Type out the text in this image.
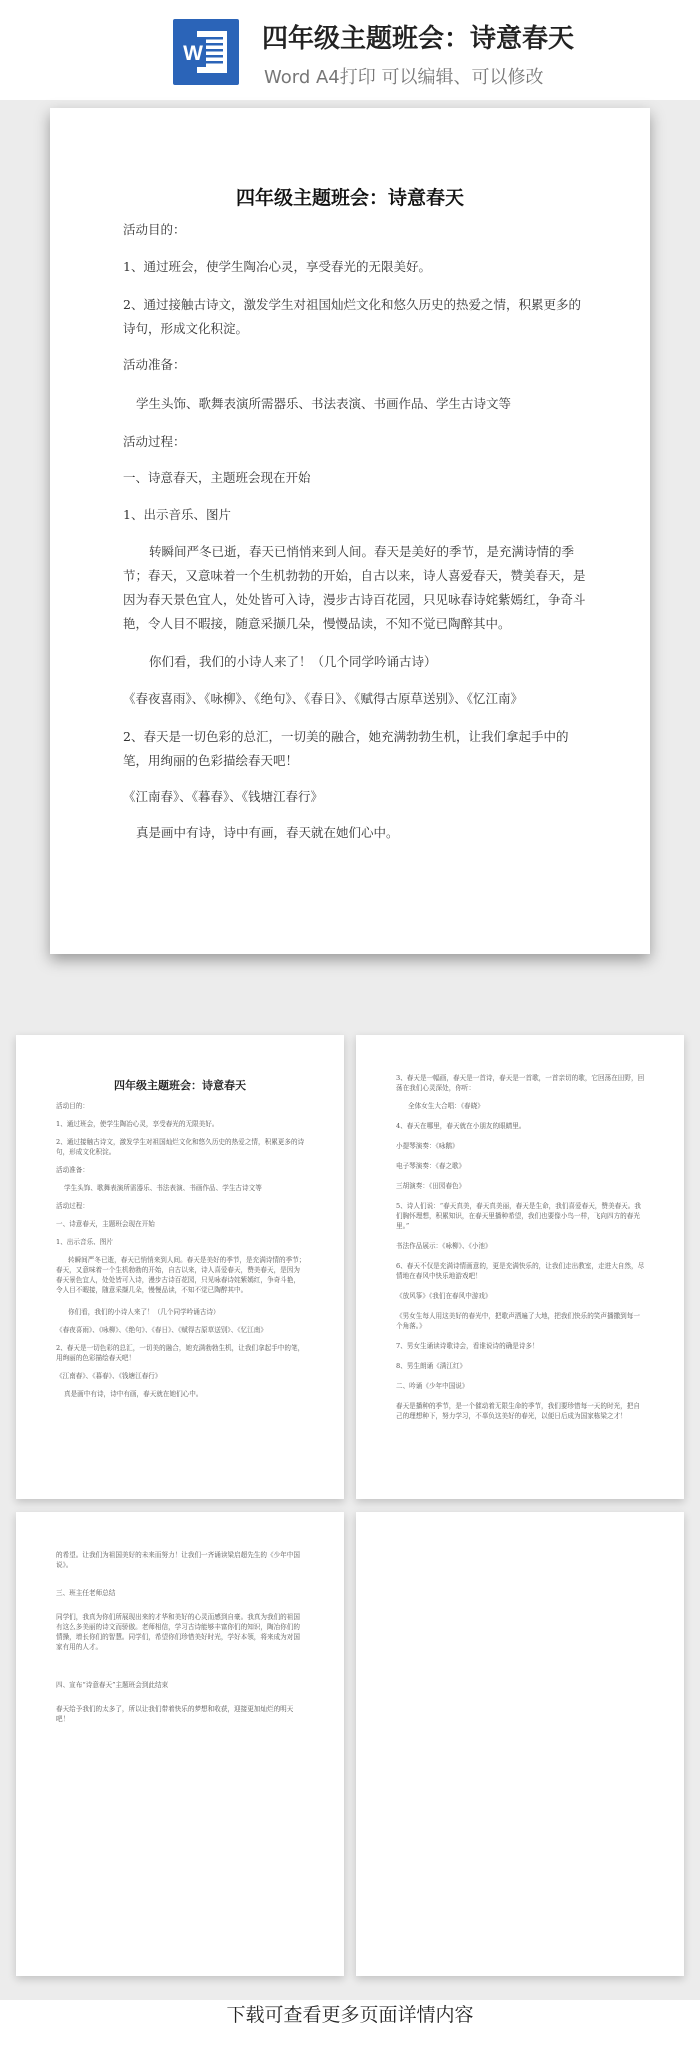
W 四年级主题班会：诗意春天
Word A4打印 可以编辑、可以修改
四年级主题班会：诗意春天
活动目的：
1、通过班会，使学生陶冶心灵，享受春光的无限美好。
2、通过接触古诗文，激发学生对祖国灿烂文化和悠久历史的热爱之情，积累更多的诗句，形成文化积淀。
活动准备：
学生头饰、歌舞表演所需器乐、书法表演、书画作品、学生古诗文等
活动过程：
一、诗意春天，主题班会现在开始
1、出示音乐、图片
转瞬间严冬已逝，春天已悄悄来到人间。春天是美好的季节，是充满诗情的季节；春天，又意味着一个生机勃勃的开始，自古以来，诗人喜爱春天，赞美春天，是因为春天景色宜人，处处皆可入诗，漫步古诗百花园，只见咏春诗姹紫嫣红，争奇斗艳，令人目不暇接，随意采撷几朵，慢慢品读，不知不觉已陶醉其中。
你们看，我们的小诗人来了！（几个同学吟诵古诗）
《春夜喜雨》、《咏柳》、《绝句》、《春日》、《赋得古原草送别》、《忆江南》
2、春天是一切色彩的总汇，一切美的融合，她充满勃勃生机，让我们拿起手中的笔，用绚丽的色彩描绘春天吧！
《江南春》、《暮春》、《钱塘江春行》
真是画中有诗，诗中有画，春天就在她们心中。
四年级主题班会：诗意春天
活动目的：
1、通过班会，使学生陶冶心灵，享受春光的无限美好。
2、通过接触古诗文，激发学生对祖国灿烂文化和悠久历史的热爱之情，积累更多的诗句，形成文化积淀。
活动准备：
学生头饰、歌舞表演所需器乐、书法表演、书画作品、学生古诗文等
活动过程：
一、诗意春天，主题班会现在开始
1、出示音乐、图片
转瞬间严冬已逝，春天已悄悄来到人间。春天是美好的季节，是充满诗情的季节；春天，又意味着一个生机勃勃的开始，自古以来，诗人喜爱春天，赞美春天，是因为春天景色宜人，处处皆可入诗，漫步古诗百花园，只见咏春诗姹紫嫣红，争奇斗艳，令人目不暇接，随意采撷几朵，慢慢品读，不知不觉已陶醉其中。
你们看，我们的小诗人来了！（几个同学吟诵古诗）
《春夜喜雨》、《咏柳》、《绝句》、《春日》、《赋得古原草送别》、《忆江南》
2、春天是一切色彩的总汇，一切美的融合，她充满勃勃生机，让我们拿起手中的笔，用绚丽的色彩描绘春天吧！
《江南春》、《暮春》、《钱塘江春行》
真是画中有诗，诗中有画，春天就在她们心中。
3、春天是一幅画，春天是一首诗，春天是一首歌，一首亲切的歌，它回荡在田野，回荡在我们心灵深处，你听：
全体女生大合唱：《春晓》
4、春天在哪里，春天就在小朋友的眼睛里。
小提琴演奏：《咏鹅》
电子琴演奏：《春之歌》
三胡演奏：《田园春色》
5、诗人们说：“春天真美，春天真美丽，春天是生命，我们喜爱春天，赞美春天。我们胸怀理想，积累知识，在春天里播种希望，我们也要像小鸟一样，飞向四方的春光里。”
书法作品展示：《咏柳》、《小池》
6、春天不仅是充满诗情画意的，更是充满快乐的，让我们走出教室，走进大自然，尽情地在春风中快乐地游戏吧！
《放风筝》《我们在春风中游戏》
《男女生每人用这美好的春光中，把歌声洒遍了大地，把我们快乐的笑声播撒到每一个角落。》
7、男女生诵读诗歌诗会，看谁说诗的确是诗多！
8、男生朗诵《满江红》
二、吟诵《少年中国说》
春天是播种的季节，是一个催动着无限生命的季节，我们要珍惜每一天的时光，把自己的理想种下，努力学习，不辜负这美好的春光，以便日后成为国家栋梁之才！
的希望。让我们为祖国美好的未来而努力！让我们一齐诵读梁启超先生的《少年中国说》。
三、班主任老师总结
同学们，我真为你们所展现出来的才华和美好的心灵而感到自豪。我真为我们的祖国有这么多美丽的诗文而骄傲。老师相信，学习古诗能够丰富你们的知识，陶冶你们的情操，增长你们的智慧。同学们，希望你们珍惜美好时光，学好本领，将来成为对国家有用的人才。
四、宣布“诗意春天”主题班会到此结束
春天给予我们的太多了，所以让我们带着快乐的梦想和收获，迎接更加灿烂的明天吧！
下载可查看更多页面详情内容
